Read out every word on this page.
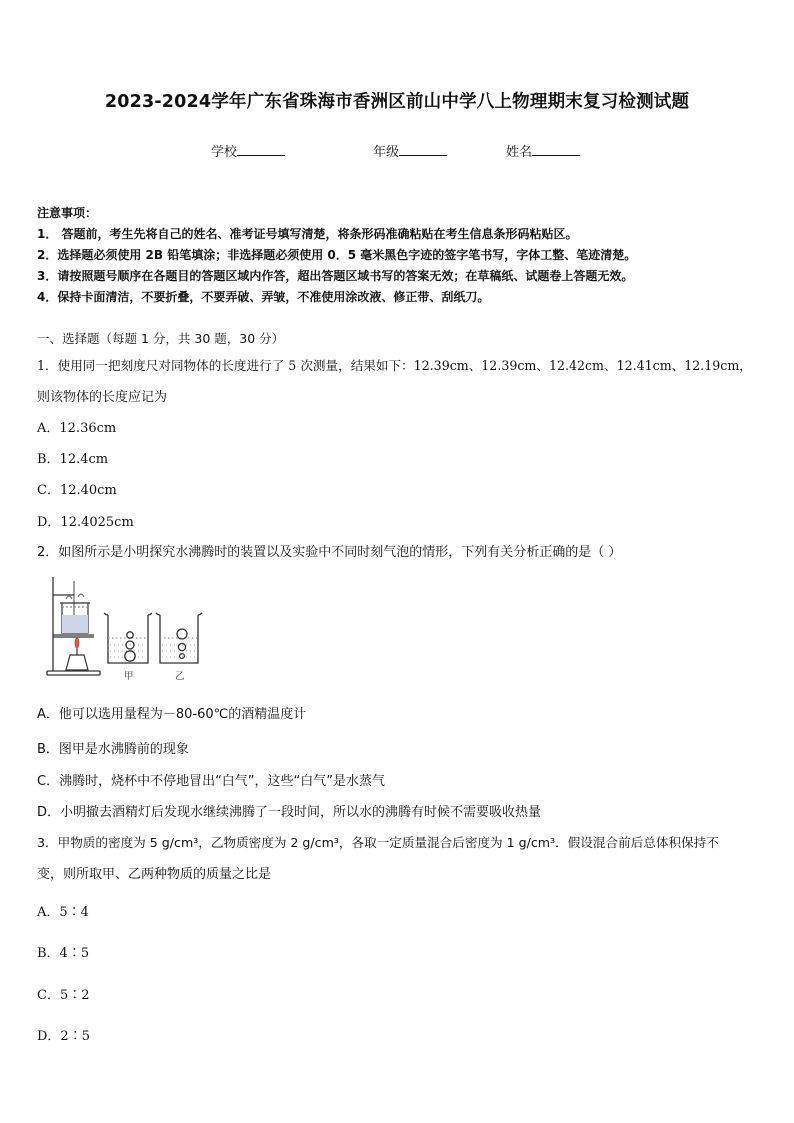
2023-2024学年广东省珠海市香洲区前山中学八上物理期末复习检测试题
学校	年级	姓名
注意事项：
1． 答题前，考生先将自己的姓名、准考证号填写清楚，将条形码准确粘贴在考生信息条形码粘贴区。
2．选择题必须使用 2B 铅笔填涂；非选择题必须使用 0．5 毫米黑色字迹的签字笔书写，字体工整、笔迹清楚。
3．请按照题号顺序在各题目的答题区域内作答，超出答题区域书写的答案无效；在草稿纸、试题卷上答题无效。
4．保持卡面清洁，不要折叠，不要弄破、弄皱，不准使用涂改液、修正带、刮纸刀。
一、选择题（每题 1 分，共 30 题，30 分）
1．使用同一把刻度尺对同物体的长度进行了 5 次测量，结果如下：12.39cm、12.39cm、12.42cm、12.41cm、12.19cm，
则该物体的长度应记为
A．12.36cm
B．12.4cm
C．12.40cm
D．12.4025cm
2．如图所示是小明探究水沸腾时的装置以及实验中不同时刻气泡的情形，下列有关分析正确的是（ ）
甲	乙
A．他可以选用量程为－80-60℃的酒精温度计
B．图甲是水沸腾前的现象
C．沸腾时，烧杯中不停地冒出“白气”，这些“白气”是水蒸气
D．小明撤去酒精灯后发现水继续沸腾了一段时间，所以水的沸腾有时候不需要吸收热量
3．甲物质的密度为 5 g/cm³，乙物质密度为 2 g/cm³，各取一定质量混合后密度为 1 g/cm³．假设混合前后总体积保持不
变，则所取甲、乙两种物质的质量之比是
A．5∶4
B．4∶5
C．5∶2
D．2∶5
